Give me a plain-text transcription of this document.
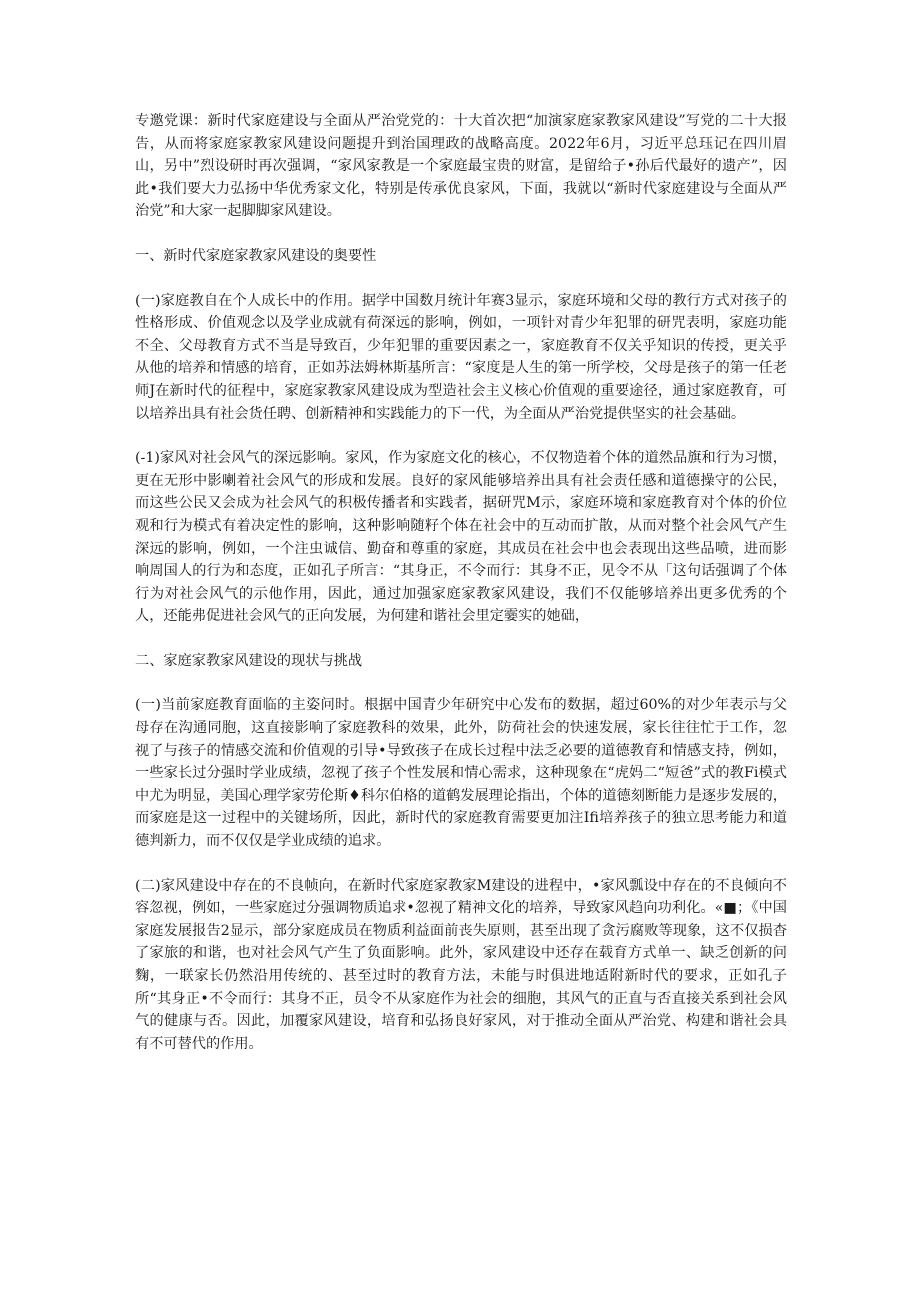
专邀党课：新时代家庭建设与全面从严治党党的：十大首次把“加演家庭家教家风建设”写党的二十大报告，从而将家庭家教家风建设问题提升到治国理政的战略高度。2022年6月，习近平总珏记在四川眉山，另中”烈设研时再次强调，“家风家教是一个家庭最宝贵的财富，是留给子•孙后代最好的遗产”，因此•我们要大力弘扬中华优秀家文化，特别是传承优良家风，下面，我就以“新时代家庭建设与全面从严治党”和大家一起脚脚家风建设。

一、新时代家庭家教家风建设的奥要性

(一)家庭教自在个人成长中的作用。据学中国数月统计年赛3显示，家庭环境和父母的教行方式对孩子的性格形成、价值观念以及学业成就有荷深远的影响，例如，一项针对青少年犯罪的研咒表明，家庭功能不全、父母教育方式不当是导致百，少年犯罪的重要因素之一，家庭教育不仅关乎知识的传授，更关乎从他的培养和情感的培育，正如苏法姆林斯基所言：“家度是人生的第一所学校，父母是孩子的第一任老师J在新时代的征程中，家庭家教家风建设成为型造社会主义核心价值观的重要途径，通过家庭教育，可以培养出具有社会货任聘、创新精神和实践能力的下一代，为全面从严治党提供坚实的社会基础。

(-1)家风对社会风气的深远影响。家风，作为家庭文化的核心，不仅物造着个体的道然品旗和行为习惯，更在无形中影喇着社会风气的形成和发展。良好的家风能够培养出具有社会责任感和道德操守的公民，而这些公民又会成为社会风气的积极传播者和实践者，据研咒M示，家庭环境和家庭教育对个体的价位观和行为模式有着决定性的影响，这种影响随籽个体在社会中的互动而扩散，从而对整个社会风气产生深远的影响，例如，一个注虫诚信、勤奋和尊重的家庭，其成员在社会中也会表现出这些品喷，进而影响周国人的行为和态度，正如孔子所言：“其身正，不令而行：其身不正，见令不从「这句话强调了个体行为对社会风气的示他作用，因此，通过加强家庭家教家风建设，我们不仅能够培养出更多优秀的个人，还能弗促进社会风气的正向发展，为何建和谐社会里定孁实的她础，

二、家庭家教家风建设的现状与挑战

(一)当前家庭教育面临的主姿问时。根据中国青少年研究中心发布的数据，超过60%的对少年表示与父母存在沟通同胞，这直接影响了家庭教科的效果，此外，防荷社会的快速发展，家长往往忙于工作，忽视了与孩子的情感交流和价值观的引导•导致孩子在成长过程中法乏必要的道德教育和情感支持，例如，一些家长过分强时学业成绩，忽视了孩子个性发展和情心需求，这种现象在“虎妈二“短爸”式的教Fi模式中尤为明显，美国心理学家劳伦斯♦科尔伯格的道鹤发展理论指出，个体的道德刻断能力是逐步发展的，而家庭是这一过程中的关键场所，因此，新时代的家庭教育需要更加注Ifi培养孩子的独立思考能力和道德判新力，而不仅仅是学业成绩的追求。

(二)家风建设中存在的不良帧向，在新时代家庭家教家M建设的进程中，•家风瓢设中存在的不良倾向不容忽视，例如，一些家庭过分强调物质追求•忽视了精神文化的培养，导致家风趋向功利化。«■；《中国家庭发展报告2显示，部分家庭成员在物质利益面前丧失原则，甚至出现了贪污腐败等现象，这不仅损杳了家旅的和谐，也对社会风气产生了负面影响。此外，家风建设中还存在载育方式单一、缺乏创新的问麴，一联家长仍然沿用传统的、甚至过时的教育方法，未能与时俱进地适附新时代的要求，正如孔子所“其身正•不令而行：其身不正，员令不从家庭作为社会的细胞，其风气的正直与否直接关系到社会风气的健康与否。因此，加覆家风建设，培育和弘扬良好家风，对于推动全面从严治党、构建和谐社会具有不可替代的作用。
